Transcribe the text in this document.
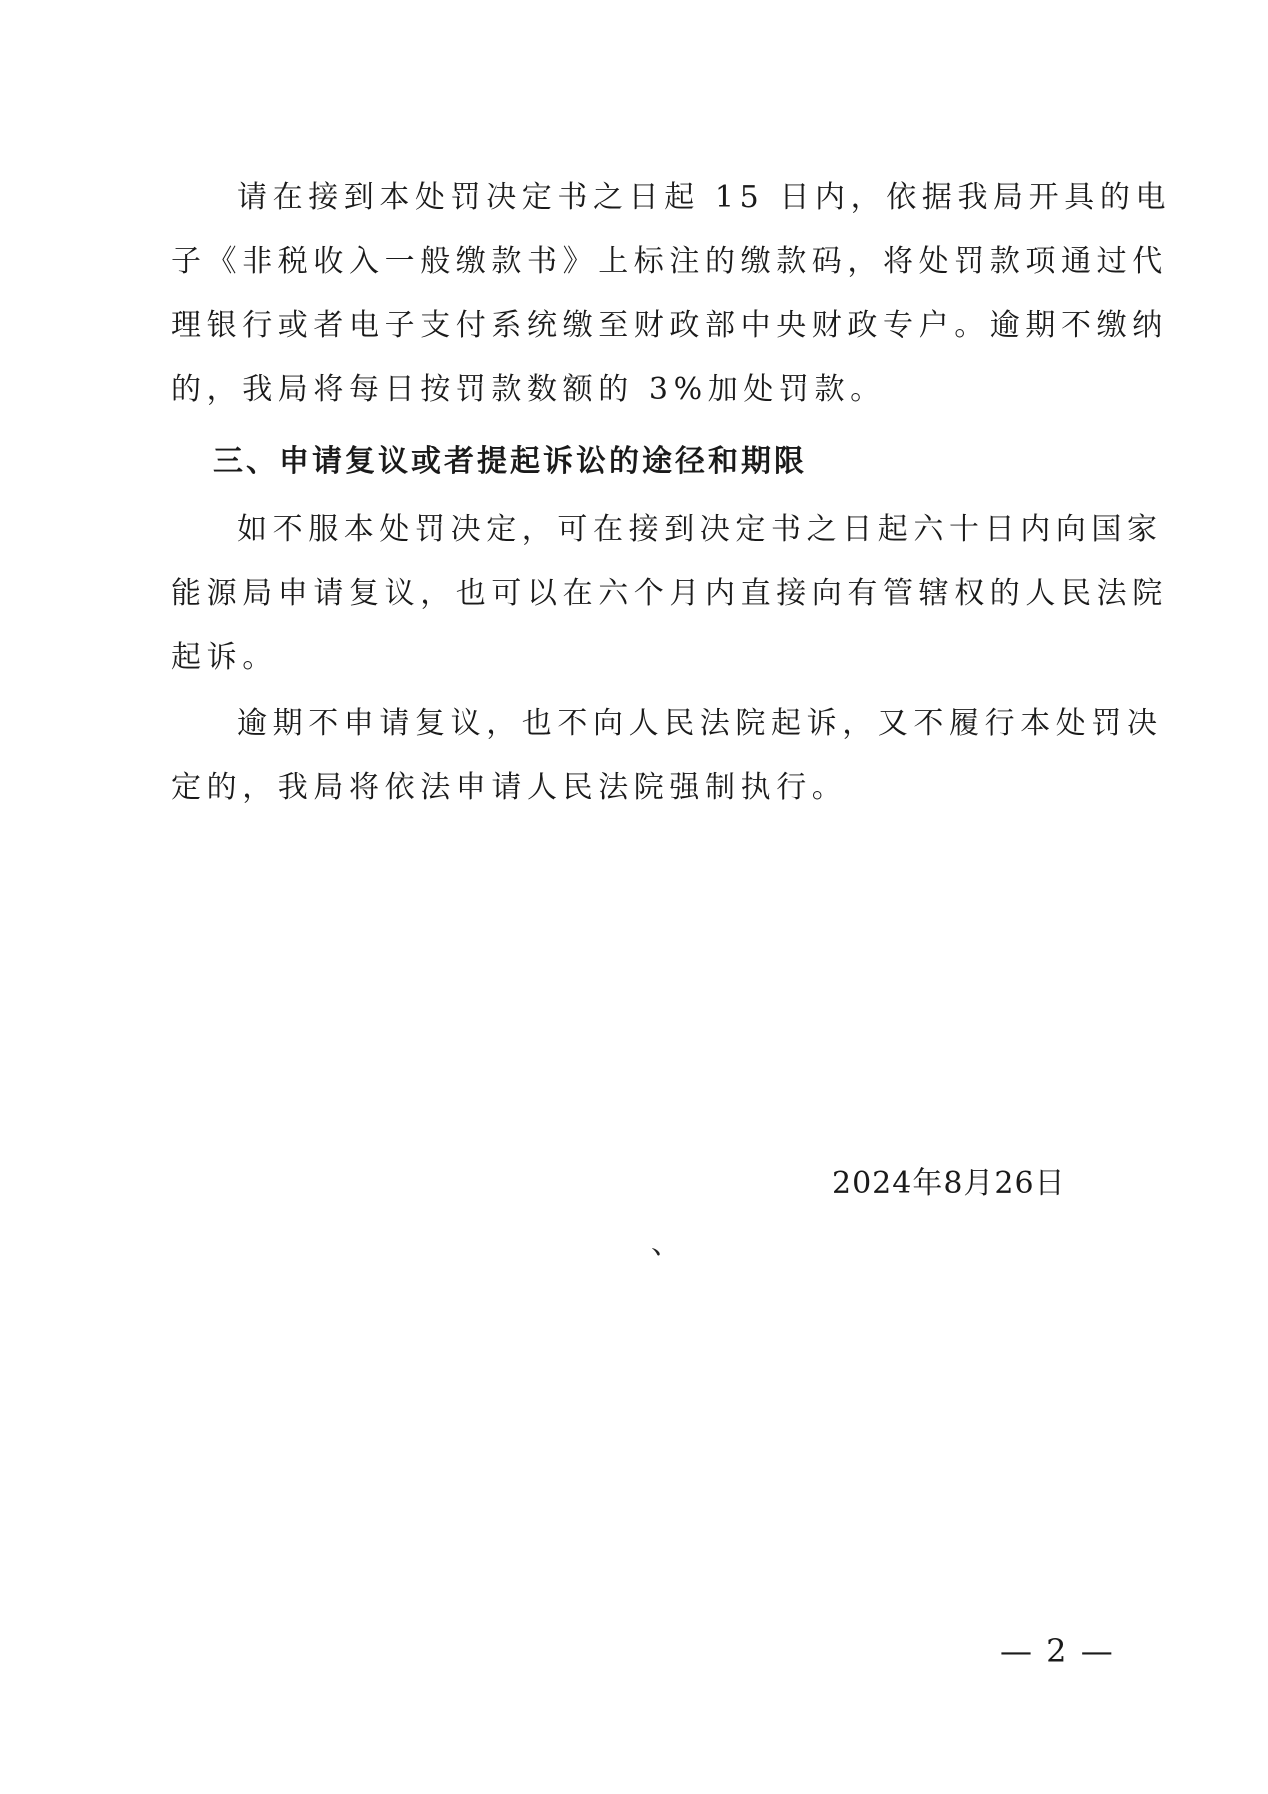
请在接到本处罚决定书之日起 15 日内，依据我局开具的电
子《非税收入一般缴款书》上标注的缴款码，将处罚款项通过代
理银行或者电子支付系统缴至财政部中央财政专户。逾期不缴纳
的，我局将每日按罚款数额的 3%加处罚款。
三、申请复议或者提起诉讼的途径和期限
如不服本处罚决定，可在接到决定书之日起六十日内向国家
能源局申请复议，也可以在六个月内直接向有管辖权的人民法院
起诉。
逾期不申请复议，也不向人民法院起诉，又不履行本处罚决
定的，我局将依法申请人民法院强制执行。
2024年8月26日
、
— 2 —
